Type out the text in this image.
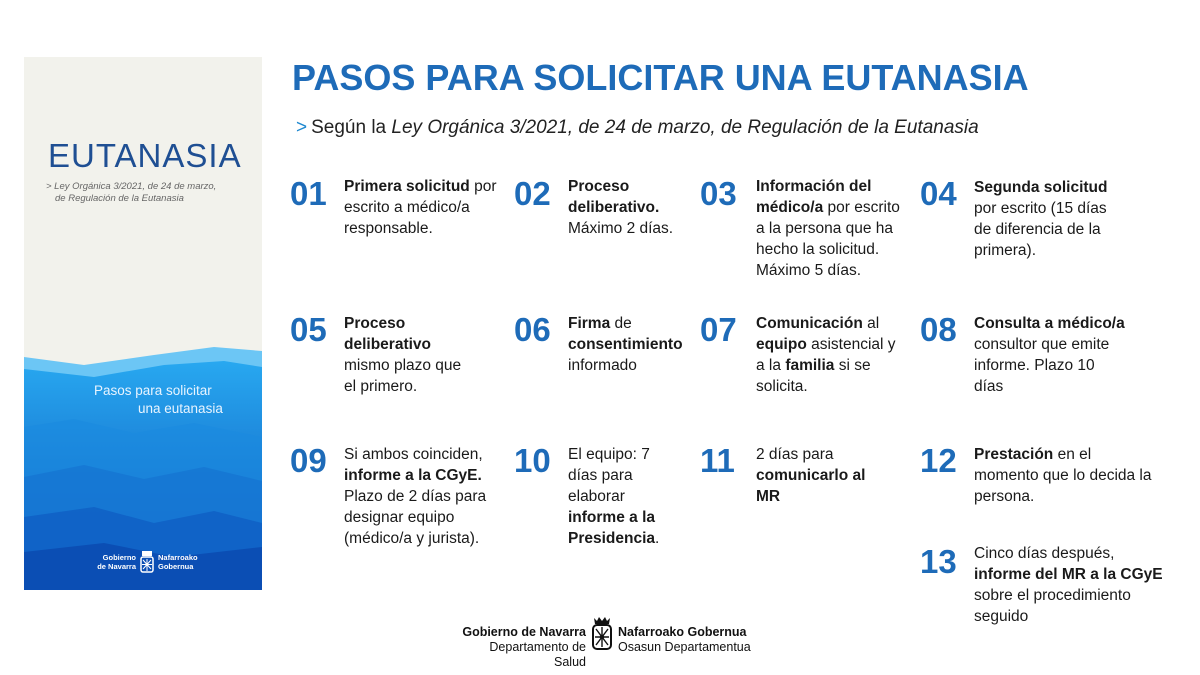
EUTANASIA
> Ley Orgánica 3/2021, de 24 de marzo,
de Regulación de la Eutanasia
Pasos para solicitar
una eutanasia
Gobierno
de Navarra
Nafarroako
Gobernua
PASOS PARA SOLICITAR UNA EUTANASIA
> Según la Ley Orgánica 3/2021, de 24 de marzo, de Regulación de la Eutanasia
01 Primera solicitud por escrito a médico/a responsable.
02 Proceso deliberativo. Máximo 2 días.
03 Información del médico/a por escrito a la persona que ha hecho la solicitud. Máximo 5 días.
04 Segunda solicitud por escrito (15 días de diferencia de la primera).
05 Proceso deliberativo mismo plazo que el primero.
06 Firma de consentimiento informado
07 Comunicación al equipo asistencial y a la familia si se solicita.
08 Consulta a médico/a consultor que emite informe. Plazo 10 días
09 Si ambos coinciden, informe a la CGyE. Plazo de 2 días para designar equipo (médico/a y jurista).
10 El equipo: 7 días para elaborar informe a la Presidencia.
11 2 días para comunicarlo al MR
12 Prestación en el momento que lo decida la persona.
13 Cinco días después, informe del MR a la CGyE sobre el procedimiento seguido
Gobierno de Navarra
Departamento de Salud
Nafarroako Gobernua
Osasun Departamentua
